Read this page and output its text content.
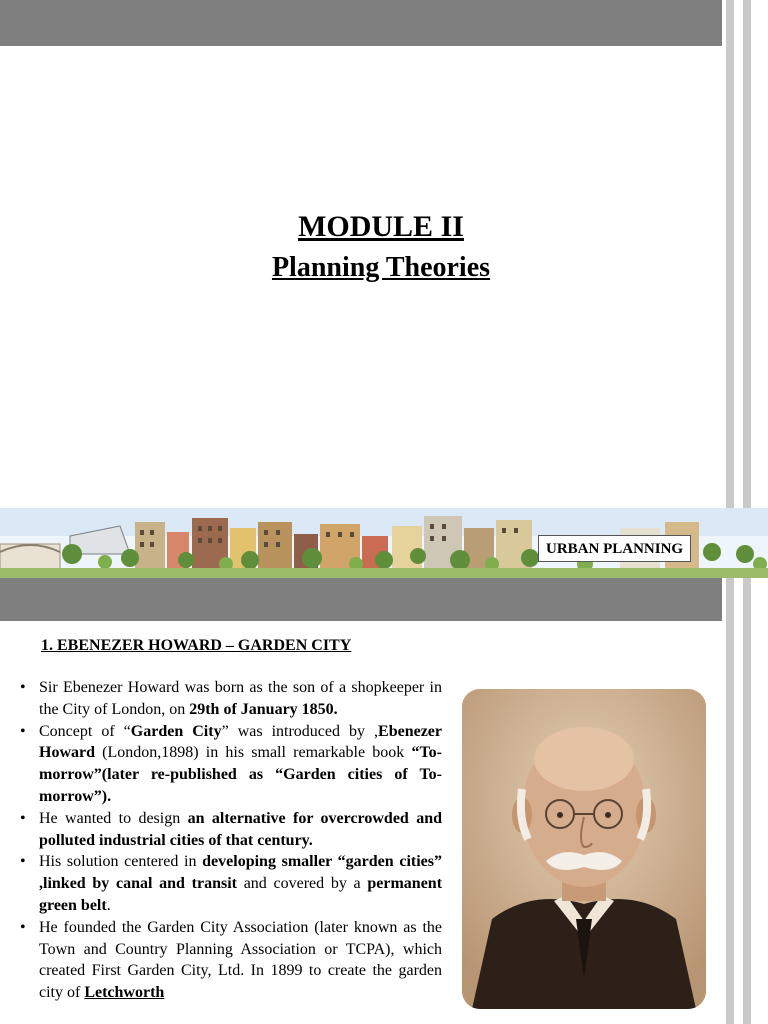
MODULE II
Planning Theories
URBAN PLANNING
1. EBENEZER HOWARD – GARDEN CITY
• Sir Ebenezer Howard was born as the son of a shopkeeper in the City of London, on 29th of January 1850.
• Concept of “Garden City” was introduced by ,Ebenezer Howard (London,1898) in his small remarkable book “To-morrow”(later re-published as “Garden cities of To-morrow”).
• He wanted to design an alternative for overcrowded and polluted industrial cities of that century.
• His solution centered in developing smaller “garden cities” ,linked by canal and transit and covered by a permanent green belt.
• He founded the Garden City Association (later known as the Town and Country Planning Association or TCPA), which created First Garden City, Ltd. In 1899 to create the garden city of Letchworth
